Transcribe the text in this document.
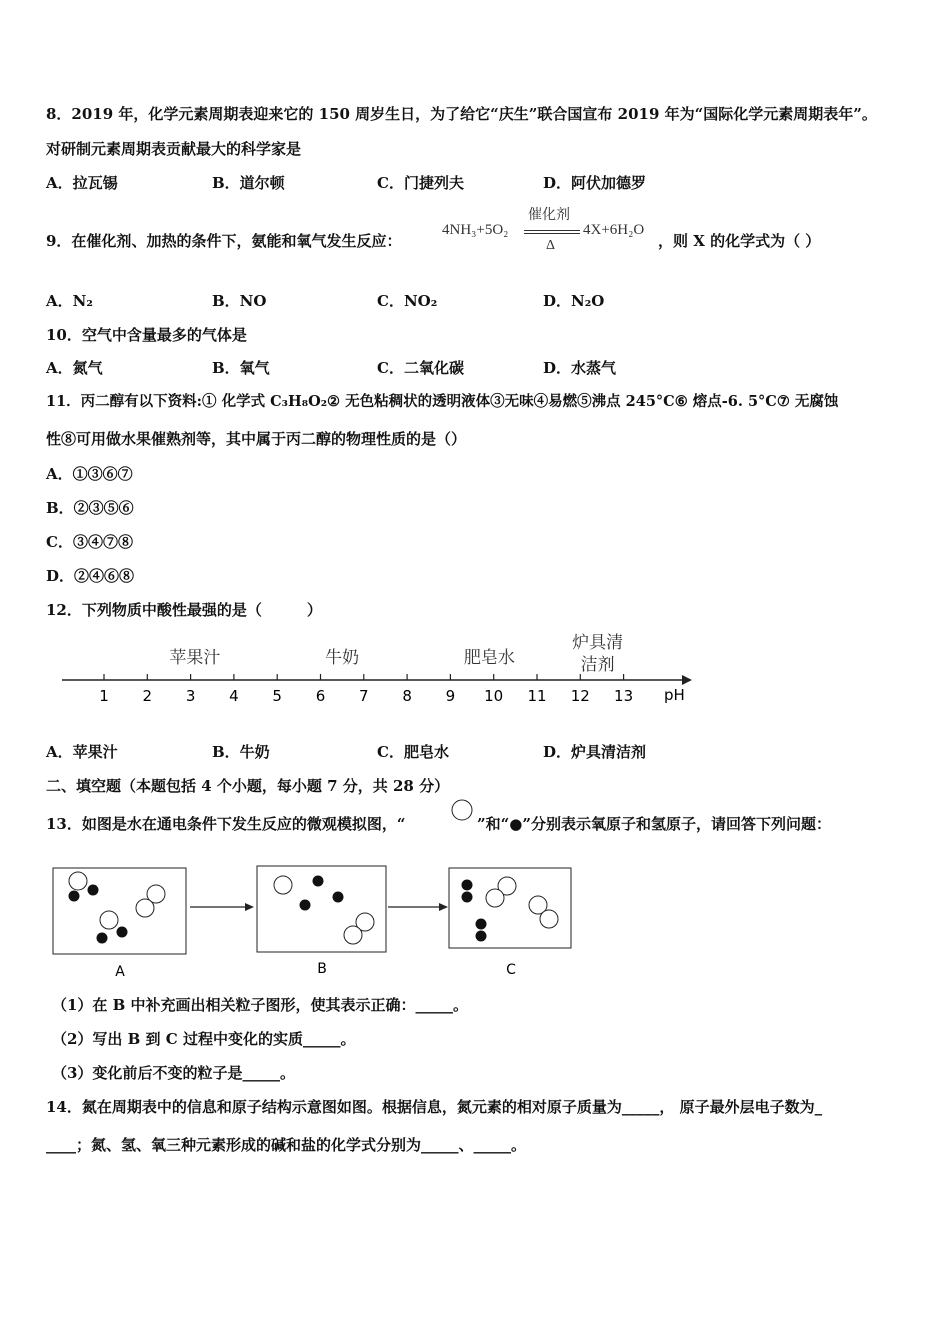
8．2019 年，化学元素周期表迎来它的 150 周岁生日，为了给它“庆生”联合国宣布 2019 年为“国际化学元素周期表年”。
对研制元素周期表贡献最大的科学家是
A．拉瓦锡	B．道尔顿	C．门捷列夫	D．阿伏加德罗
9．在催化剂、加热的条件下，氨能和氧气发生反应：
4NH₃+5O₂
催化剂
Δ
4X+6H₂O
，则 X 的化学式为（ ）
A．N₂	B．NO	C．NO₂	D．N₂O
10．空气中含量最多的气体是
A．氮气	B．氧气	C．二氧化碳	D．水蒸气
11．丙二醇有以下资料:① 化学式 C₃H₈O₂② 无色粘稠状的透明液体③无味④易燃⑤沸点 245°C⑥ 熔点-6. 5°C⑦ 无腐蚀
性⑧可用做水果催熟剂等，其中属于丙二醇的物理性质的是（）
A．①③⑥⑦
B．②③⑤⑥
C．③④⑦⑧
D．②④⑥⑧
12．下列物质中酸性最强的是（　　　）
1 2 3 4 5 6 7 8 9 10 11 12 13
苹果汁	牛奶	肥皂水
炉具清
洁剂
pH
A．苹果汁	B．牛奶	C．肥皂水	D．炉具清洁剂
二、填空题（本题包括 4 个小题，每小题 7 分，共 28 分）
13．如图是水在通电条件下发生反应的微观模拟图，“	”和“●”分别表示氧原子和氢原子，请回答下列问题：
A	B	C
（1）在 B 中补充画出相关粒子图形，使其表示正确：_____。
（2）写出 B 到 C 过程中变化的实质_____。
（3）变化前后不变的粒子是_____。
14．氮在周期表中的信息和原子结构示意图如图。根据信息，氮元素的相对原子质量为_____， 原子最外层电子数为_
____；氮、氢、氧三种元素形成的碱和盐的化学式分别为_____、_____。
